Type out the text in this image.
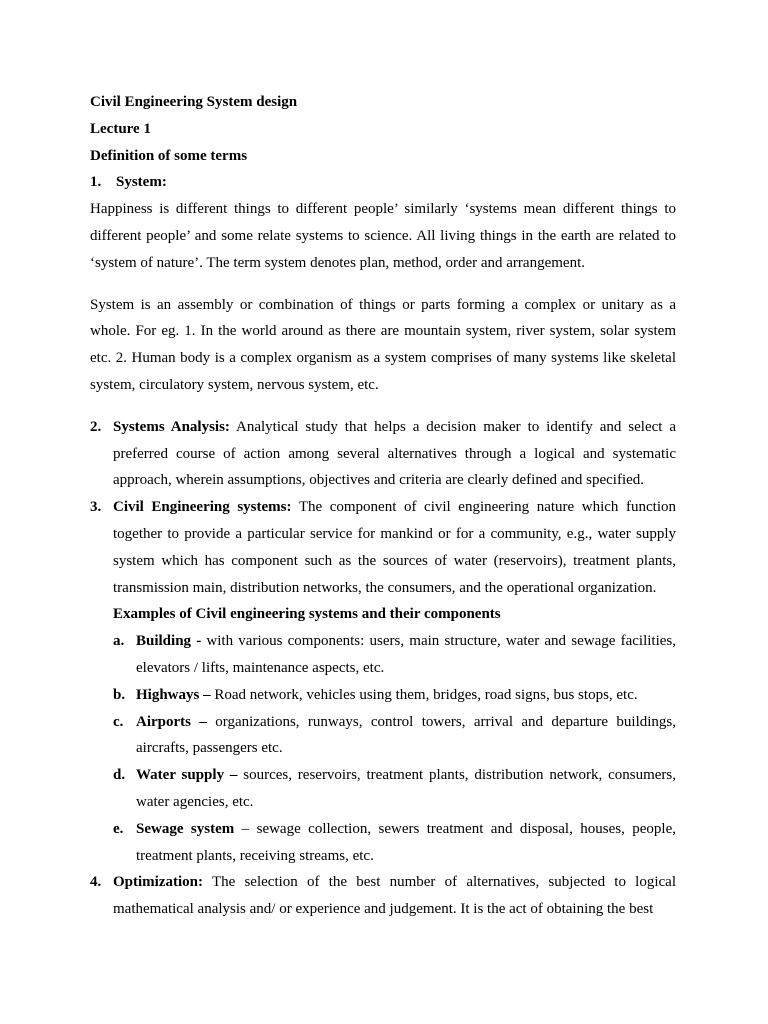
Civil Engineering System design

Lecture 1

Definition of some terms

1. System:

Happiness is different things to different people’ similarly ‘systems mean different things to different people’ and some relate systems to science. All living things in the earth are related to ‘system of nature’. The term system denotes plan, method, order and arrangement.

System is an assembly or combination of things or parts forming a complex or unitary as a whole. For eg. 1. In the world around as there are mountain system, river system, solar system etc. 2. Human body is a complex organism as a system comprises of many systems like skeletal system, circulatory system, nervous system, etc.

2. Systems Analysis: Analytical study that helps a decision maker to identify and select a preferred course of action among several alternatives through a logical and systematic approach, wherein assumptions, objectives and criteria are clearly defined and specified.
3. Civil Engineering systems: The component of civil engineering nature which function together to provide a particular service for mankind or for a community, e.g., water supply system which has component such as the sources of water (reservoirs), treatment plants, transmission main, distribution networks, the consumers, and the operational organization.
Examples of Civil engineering systems and their components
a. Building - with various components: users, main structure, water and sewage facilities, elevators / lifts, maintenance aspects, etc.
b. Highways – Road network, vehicles using them, bridges, road signs, bus stops, etc.
c. Airports – organizations, runways, control towers, arrival and departure buildings, aircrafts, passengers etc.
d. Water supply – sources, reservoirs, treatment plants, distribution network, consumers, water agencies, etc.
e. Sewage system – sewage collection, sewers treatment and disposal, houses, people, treatment plants, receiving streams, etc.
4. Optimization: The selection of the best number of alternatives, subjected to logical mathematical analysis and/ or experience and judgement. It is the act of obtaining the best
